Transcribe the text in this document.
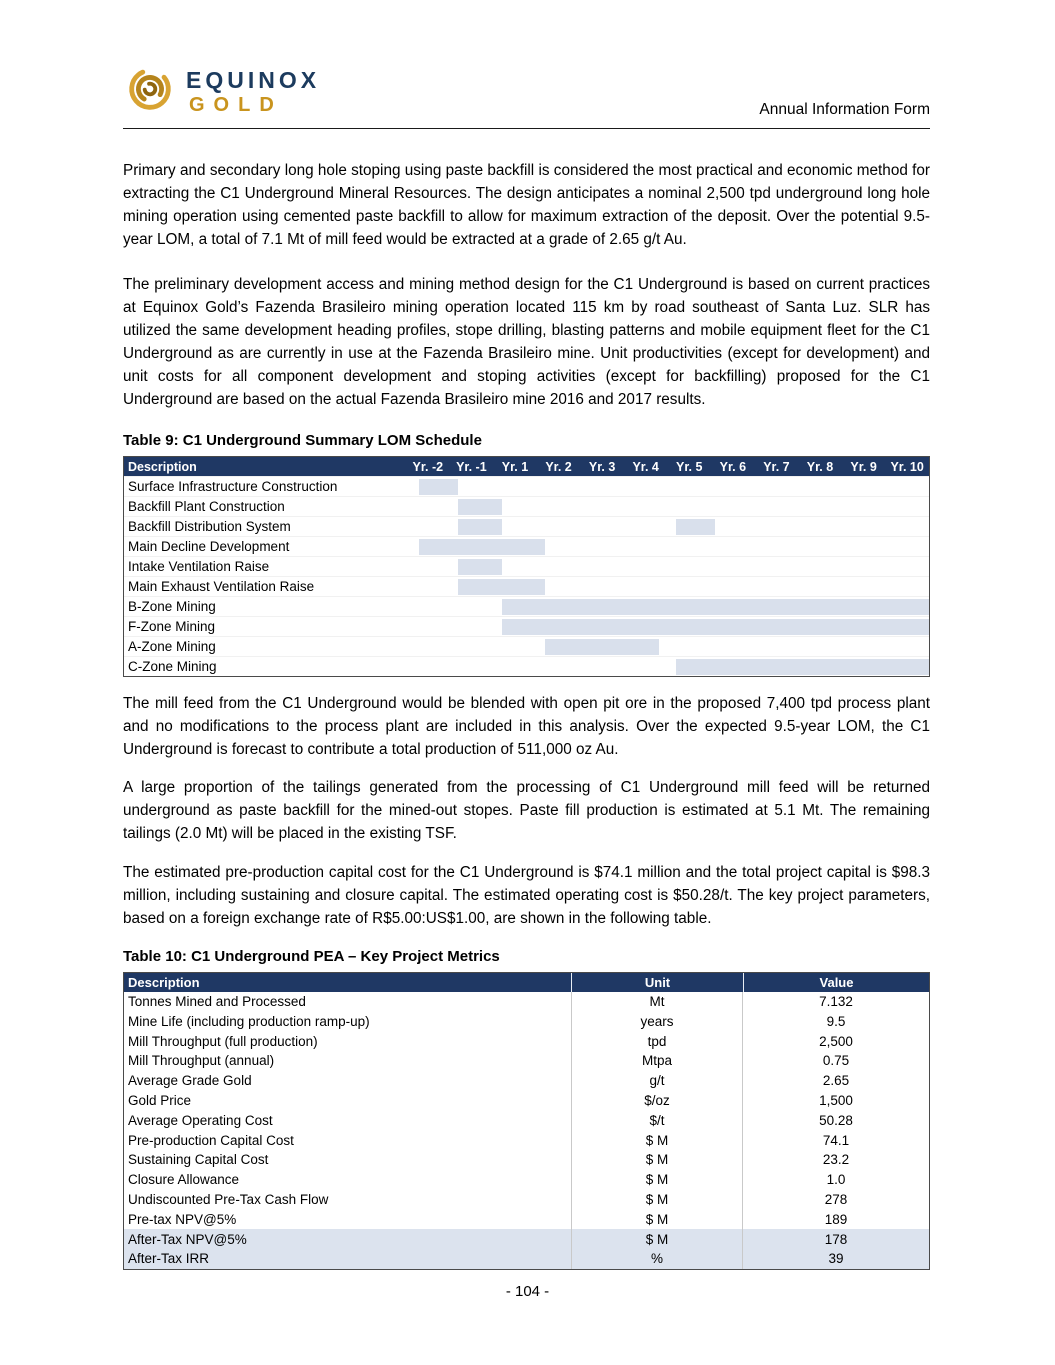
EQUINOX
GOLD	Annual Information Form

Primary and secondary long hole stoping using paste backfill is considered the most practical and economic method for extracting the C1 Underground Mineral Resources. The design anticipates a nominal 2,500 tpd underground long hole mining operation using cemented paste backfill to allow for maximum extraction of the deposit. Over the potential 9.5-year LOM, a total of 7.1 Mt of mill feed would be extracted at a grade of 2.65 g/t Au.

The preliminary development access and mining method design for the C1 Underground is based on current practices at Equinox Gold’s Fazenda Brasileiro mining operation located 115 km by road southeast of Santa Luz. SLR has utilized the same development heading profiles, stope drilling, blasting patterns and mobile equipment fleet for the C1 Underground as are currently in use at the Fazenda Brasileiro mine. Unit productivities (except for development) and unit costs for all component development and stoping activities (except for backfilling) proposed for the C1 Underground are based on the actual Fazenda Brasileiro mine 2016 and 2017 results.

Table 9: C1 Underground Summary LOM Schedule
Description	Yr. -2	Yr. -1	Yr. 1	Yr. 2	Yr. 3	Yr. 4	Yr. 5	Yr. 6	Yr. 7	Yr. 8	Yr. 9	Yr. 10
Surface Infrastructure Construction
Backfill Plant Construction
Backfill Distribution System
Main Decline Development
Intake Ventilation Raise
Main Exhaust Ventilation Raise
B-Zone Mining
F-Zone Mining
A-Zone Mining
C-Zone Mining

The mill feed from the C1 Underground would be blended with open pit ore in the proposed 7,400 tpd process plant and no modifications to the process plant are included in this analysis. Over the expected 9.5-year LOM, the C1 Underground is forecast to contribute a total production of 511,000 oz Au.

A large proportion of the tailings generated from the processing of C1 Underground mill feed will be returned underground as paste backfill for the mined-out stopes. Paste fill production is estimated at 5.1 Mt. The remaining tailings (2.0 Mt) will be placed in the existing TSF.

The estimated pre-production capital cost for the C1 Underground is $74.1 million and the total project capital is $98.3 million, including sustaining and closure capital. The estimated operating cost is $50.28/t. The key project parameters, based on a foreign exchange rate of R$5.00:US$1.00, are shown in the following table.

Table 10: C1 Underground PEA – Key Project Metrics
Description	Unit	Value
Tonnes Mined and Processed	Mt	7.132
Mine Life (including production ramp-up)	years	9.5
Mill Throughput (full production)	tpd	2,500
Mill Throughput (annual)	Mtpa	0.75
Average Grade Gold	g/t	2.65
Gold Price	$/oz	1,500
Average Operating Cost	$/t	50.28
Pre-production Capital Cost	$ M	74.1
Sustaining Capital Cost	$ M	23.2
Closure Allowance	$ M	1.0
Undiscounted Pre-Tax Cash Flow	$ M	278
Pre-tax NPV@5%	$ M	189
After-Tax NPV@5%	$ M	178
After-Tax IRR	%	39
- 104 -
